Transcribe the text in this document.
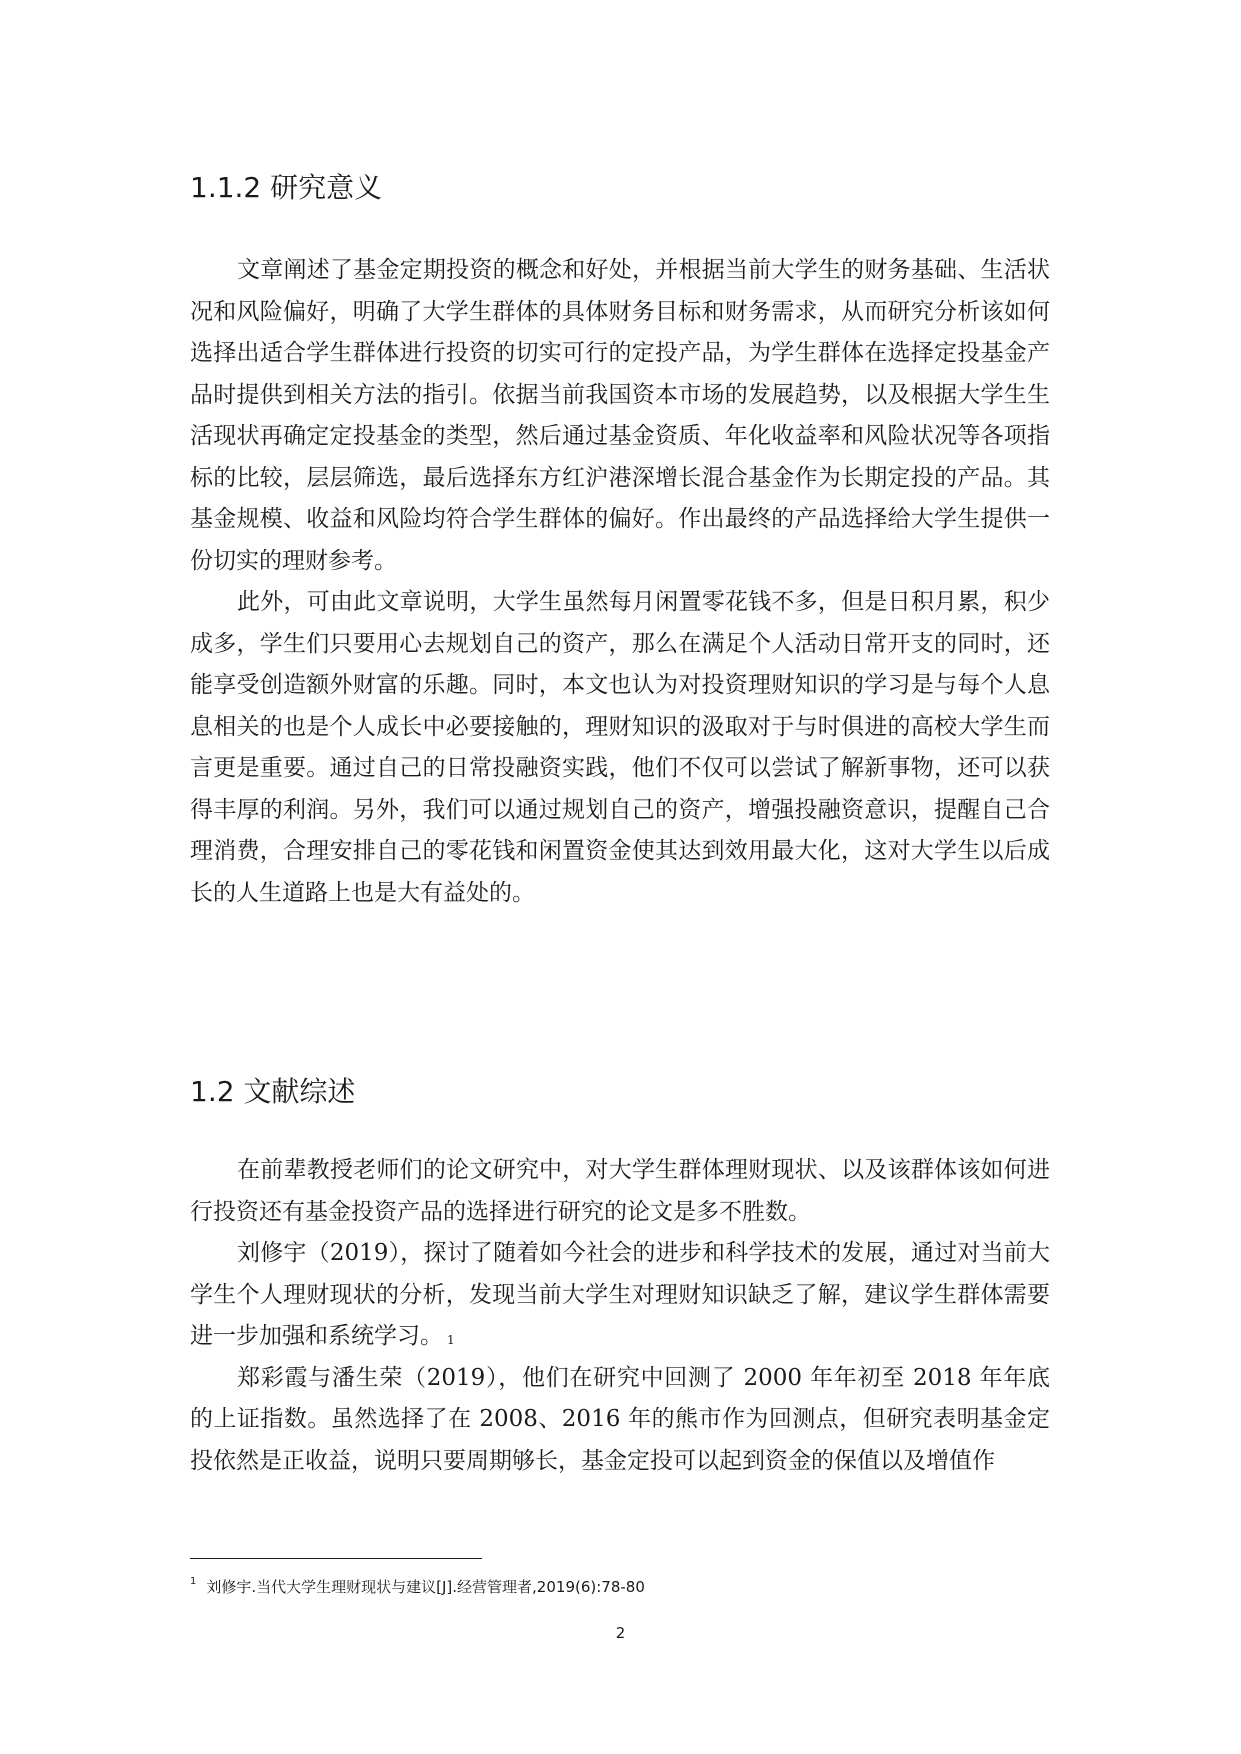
1.1.2 研究意义

文章阐述了基金定期投资的概念和好处，并根据当前大学生的财务基础、生活状况和风险偏好，明确了大学生群体的具体财务目标和财务需求，从而研究分析该如何选择出适合学生群体进行投资的切实可行的定投产品，为学生群体在选择定投基金产品时提供到相关方法的指引。依据当前我国资本市场的发展趋势，以及根据大学生生活现状再确定定投基金的类型，然后通过基金资质、年化收益率和风险状况等各项指标的比较，层层筛选，最后选择东方红沪港深增长混合基金作为长期定投的产品。其基金规模、收益和风险均符合学生群体的偏好。作出最终的产品选择给大学生提供一份切实的理财参考。

此外，可由此文章说明，大学生虽然每月闲置零花钱不多，但是日积月累，积少成多，学生们只要用心去规划自己的资产，那么在满足个人活动日常开支的同时，还能享受创造额外财富的乐趣。同时，本文也认为对投资理财知识的学习是与每个人息息相关的也是个人成长中必要接触的，理财知识的汲取对于与时俱进的高校大学生而言更是重要。通过自己的日常投融资实践，他们不仅可以尝试了解新事物，还可以获得丰厚的利润。另外，我们可以通过规划自己的资产，增强投融资意识，提醒自己合理消费，合理安排自己的零花钱和闲置资金使其达到效用最大化，这对大学生以后成长的人生道路上也是大有益处的。

1.2 文献综述

在前辈教授老师们的论文研究中，对大学生群体理财现状、以及该群体该如何进行投资还有基金投资产品的选择进行研究的论文是多不胜数。

刘修宇（2019），探讨了随着如今社会的进步和科学技术的发展，通过对当前大学生个人理财现状的分析，发现当前大学生对理财知识缺乏了解，建议学生群体需要进一步加强和系统学习。 $^1$

郑彩霞与潘生荣（2019），他们在研究中回测了 2000 年年初至 2018 年年底的上证指数。虽然选择了在 2008、2016 年的熊市作为回测点，但研究表明基金定投依然是正收益，说明只要周期够长，基金定投可以起到资金的保值以及增值作

$^1$ 刘修宇.当代大学生理财现状与建议[J].经营管理者,2019(6):78-80
2
